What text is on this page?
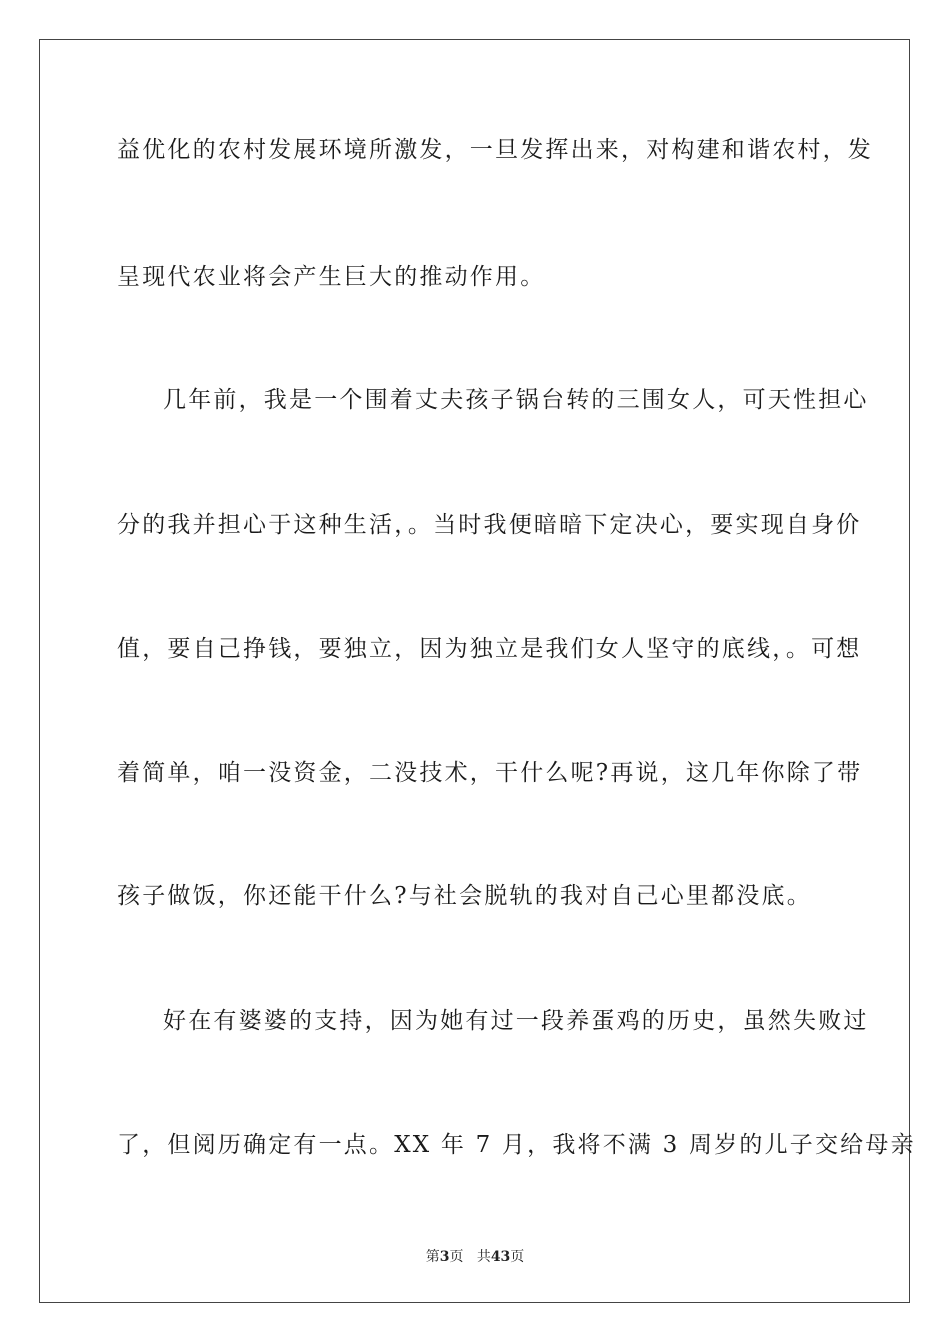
益优化的农村发展环境所激发，一旦发挥出来，对构建和谐农村，发
呈现代农业将会产生巨大的推动作用。
几年前，我是一个围着丈夫孩子锅台转的三围女人，可天性担心
分的我并担心于这种生活，。当时我便暗暗下定决心，要实现自身价
值，要自己挣钱，要独立，因为独立是我们女人坚守的底线，。可想
着简单，咱一没资金，二没技术，干什么呢?再说，这几年你除了带
孩子做饭，你还能干什么?与社会脱轨的我对自己心里都没底。
好在有婆婆的支持，因为她有过一段养蛋鸡的历史，虽然失败过
了，但阅历确定有一点。XX 年 7 月，我将不满 3 周岁的儿子交给母亲
第3页 共43页
